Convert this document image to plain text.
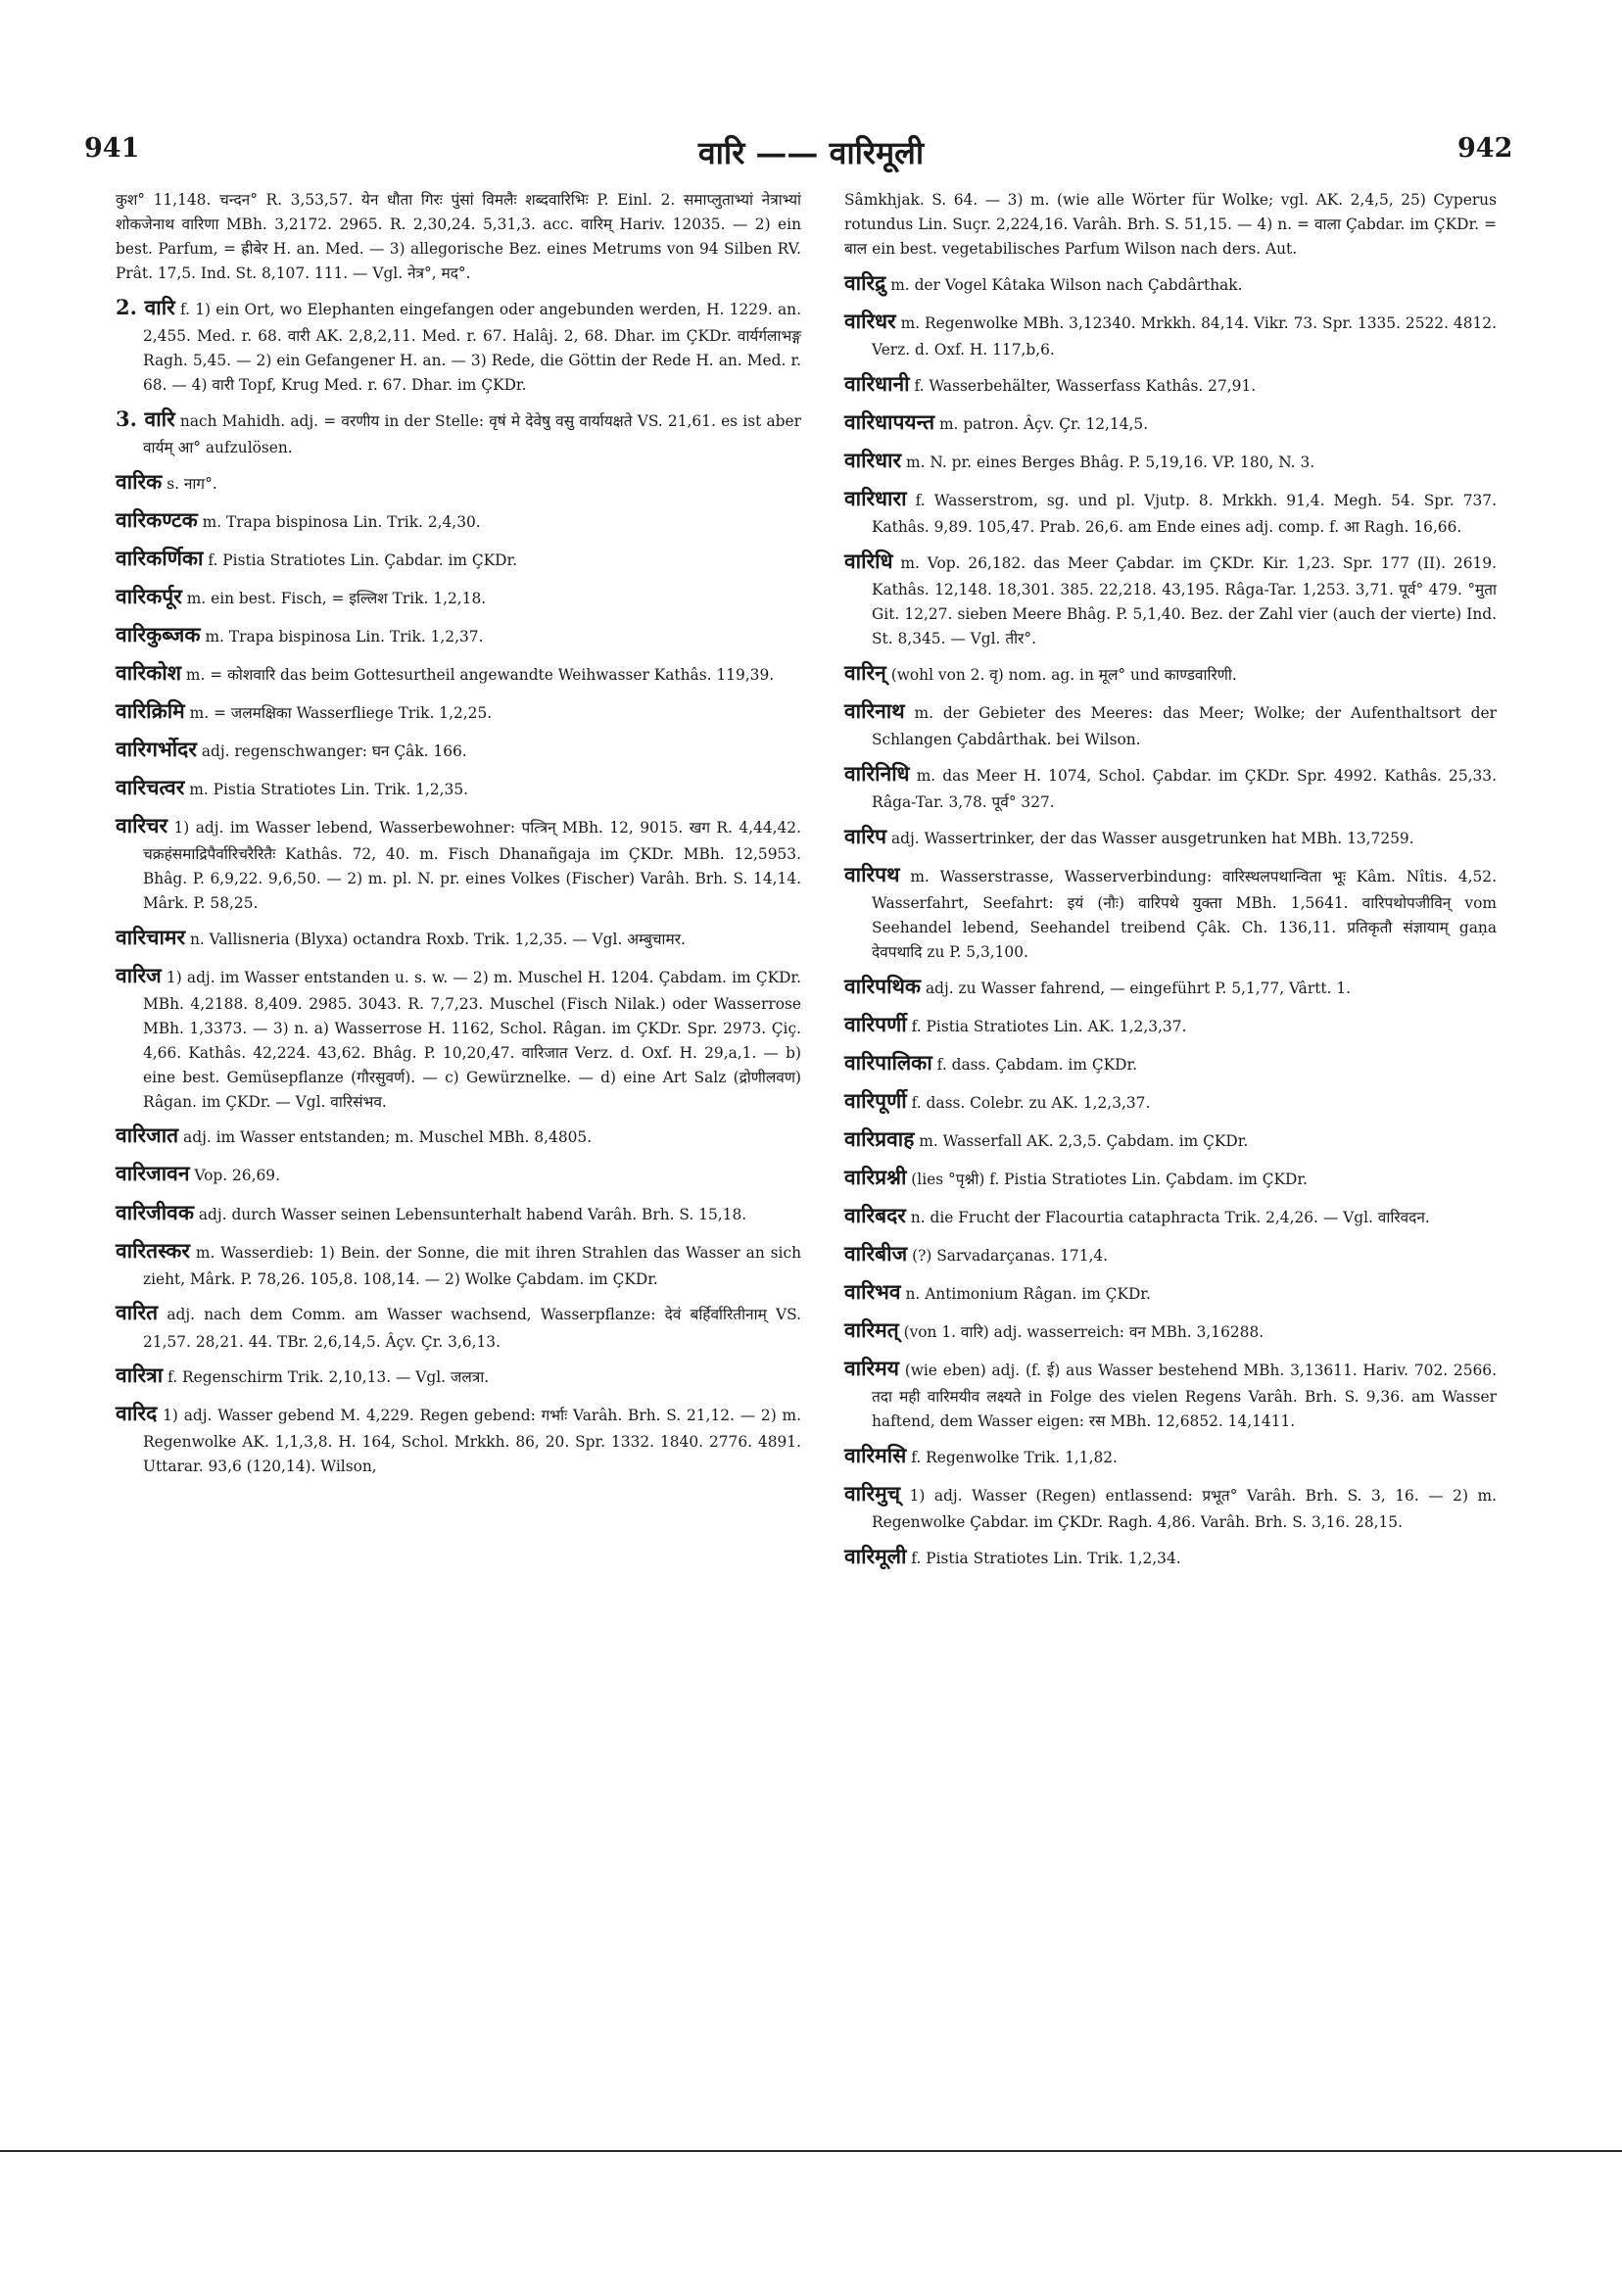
941	वारि —— वारिमूली	942

कुश° 11,148. चन्दन° R. 3,53,57. येन धौता गिरः पुंसां विमलैः शब्दवारिभिः P. Einl. 2. समाप्लुताभ्यां नेत्राभ्यां शोकजेनाथ वारिणा MBh. 3,2172. 2965. R. 2,30,24. 5,31,3. acc. वारिम् Hariv. 12035. — 2) ein best. Parfum, = ह्रीबेर H. an. Med. — 3) allegorische Bez. eines Metrums von 94 Silben RV. Prât. 17,5. Ind. St. 8,107. 111. — Vgl. नेत्र°, मद°.

2. वारि f. 1) ein Ort, wo Elephanten eingefangen oder angebunden werden, H. 1229. an. 2,455. Med. r. 68. वारी AK. 2,8,2,11. Med. r. 67. Halâj. 2, 68. Dhar. im ÇKDr. वार्यर्गलाभङ्ग Ragh. 5,45. — 2) ein Gefangener H. an. — 3) Rede, die Göttin der Rede H. an. Med. r. 68. — 4) वारी Topf, Krug Med. r. 67. Dhar. im ÇKDr.

3. वारि nach Mahidh. adj. = वरणीय in der Stelle: वृषं मे देवेषु वसु वार्यायक्षते VS. 21,61. es ist aber वार्यम् आ° aufzulösen.

वारिक s. नाग°.

वारिकण्टक m. Trapa bispinosa Lin. Trik. 2,4,30.

वारिकर्णिका f. Pistia Stratiotes Lin. Çabdar. im ÇKDr.

वारिकर्पूर m. ein best. Fisch, = इल्लिश Trik. 1,2,18.

वारिकुब्जक m. Trapa bispinosa Lin. Trik. 1,2,37.

वारिकोश m. = कोशवारि das beim Gottesurtheil angewandte Weihwasser Kathâs. 119,39.

वारिक्रिमि m. = जलमक्षिका Wasserfliege Trik. 1,2,25.

वारिगर्भोदर adj. regenschwanger: घन Çâk. 166.

वारिचत्वर m. Pistia Stratiotes Lin. Trik. 1,2,35.

वारिचर 1) adj. im Wasser lebend, Wasserbewohner: पत्त्रिन् MBh. 12, 9015. खग R. 4,44,42. चक्रहंसमाद्रिपैर्वारिचरैरितैः Kathâs. 72, 40. m. Fisch Dhanañgaja im ÇKDr. MBh. 12,5953. Bhâg. P. 6,9,22. 9,6,50. — 2) m. pl. N. pr. eines Volkes (Fischer) Varâh. Brh. S. 14,14. Mârk. P. 58,25.

वारिचामर n. Vallisneria (Blyxa) octandra Roxb. Trik. 1,2,35. — Vgl. अम्बुचामर.

वारिज 1) adj. im Wasser entstanden u. s. w. — 2) m. Muschel H. 1204. Çabdam. im ÇKDr. MBh. 4,2188. 8,409. 2985. 3043. R. 7,7,23. Muschel (Fisch Nilak.) oder Wasserrose MBh. 1,3373. — 3) n. a) Wasserrose H. 1162, Schol. Râgan. im ÇKDr. Spr. 2973. Çiç. 4,66. Kathâs. 42,224. 43,62. Bhâg. P. 10,20,47. वारिजात Verz. d. Oxf. H. 29,a,1. — b) eine best. Gemüsepflanze (गौरसुवर्ण). — c) Gewürznelke. — d) eine Art Salz (द्रोणीलवण) Râgan. im ÇKDr. — Vgl. वारिसंभव.

वारिजात adj. im Wasser entstanden; m. Muschel MBh. 8,4805.

वारिजावन Vop. 26,69.

वारिजीवक adj. durch Wasser seinen Lebensunterhalt habend Varâh. Brh. S. 15,18.

वारितस्कर m. Wasserdieb: 1) Bein. der Sonne, die mit ihren Strahlen das Wasser an sich zieht, Mârk. P. 78,26. 105,8. 108,14. — 2) Wolke Çabdam. im ÇKDr.

वारित adj. nach dem Comm. am Wasser wachsend, Wasserpflanze: देवं बर्हिर्वारितीनाम् VS. 21,57. 28,21. 44. TBr. 2,6,14,5. Âçv. Çr. 3,6,13.

वारित्रा f. Regenschirm Trik. 2,10,13. — Vgl. जलत्रा.

वारिद 1) adj. Wasser gebend M. 4,229. Regen gebend: गर्भाः Varâh. Brh. S. 21,12. — 2) m. Regenwolke AK. 1,1,3,8. H. 164, Schol. Mrkkh. 86, 20. Spr. 1332. 1840. 2776. 4891. Uttarar. 93,6 (120,14). Wilson,

Sâmkhjak. S. 64. — 3) m. (wie alle Wörter für Wolke; vgl. AK. 2,4,5, 25) Cyperus rotundus Lin. Suçr. 2,224,16. Varâh. Brh. S. 51,15. — 4) n. = वाला Çabdar. im ÇKDr. = बाल ein best. vegetabilisches Parfum Wilson nach ders. Aut.

वारिद्रु m. der Vogel Kâtaka Wilson nach Çabdârthak.

वारिधर m. Regenwolke MBh. 3,12340. Mrkkh. 84,14. Vikr. 73. Spr. 1335. 2522. 4812. Verz. d. Oxf. H. 117,b,6.

वारिधानी f. Wasserbehälter, Wasserfass Kathâs. 27,91.

वारिधापयन्त m. patron. Âçv. Çr. 12,14,5.

वारिधार m. N. pr. eines Berges Bhâg. P. 5,19,16. VP. 180, N. 3.

वारिधारा f. Wasserstrom, sg. und pl. Vjutp. 8. Mrkkh. 91,4. Megh. 54. Spr. 737. Kathâs. 9,89. 105,47. Prab. 26,6. am Ende eines adj. comp. f. आ Ragh. 16,66.

वारिधि m. Vop. 26,182. das Meer Çabdar. im ÇKDr. Kir. 1,23. Spr. 177 (II). 2619. Kathâs. 12,148. 18,301. 385. 22,218. 43,195. Râga-Tar. 1,253. 3,71. पूर्व° 479. °मुता Git. 12,27. sieben Meere Bhâg. P. 5,1,40. Bez. der Zahl vier (auch der vierte) Ind. St. 8,345. — Vgl. तीर°.

वारिन् (wohl von 2. वृ) nom. ag. in मूल° und काण्डवारिणी.

वारिनाथ m. der Gebieter des Meeres: das Meer; Wolke; der Aufenthaltsort der Schlangen Çabdârthak. bei Wilson.

वारिनिधि m. das Meer H. 1074, Schol. Çabdar. im ÇKDr. Spr. 4992. Kathâs. 25,33. Râga-Tar. 3,78. पूर्व° 327.

वारिप adj. Wassertrinker, der das Wasser ausgetrunken hat MBh. 13,7259.

वारिपथ m. Wasserstrasse, Wasserverbindung: वारिस्थलपथान्विता भूः Kâm. Nîtis. 4,52. Wasserfahrt, Seefahrt: इयं (नौः) वारिपथे युक्ता MBh. 1,5641. वारिपथोपजीविन् vom Seehandel lebend, Seehandel treibend Çâk. Ch. 136,11. प्रतिकृतौ संज्ञायाम् gaṇa देवपथादि zu P. 5,3,100.

वारिपथिक adj. zu Wasser fahrend, — eingeführt P. 5,1,77, Vârtt. 1.

वारिपर्णी f. Pistia Stratiotes Lin. AK. 1,2,3,37.

वारिपालिका f. dass. Çabdam. im ÇKDr.

वारिपूर्णी f. dass. Colebr. zu AK. 1,2,3,37.

वारिप्रवाह m. Wasserfall AK. 2,3,5. Çabdam. im ÇKDr.

वारिप्रश्नी (lies °पृश्नी) f. Pistia Stratiotes Lin. Çabdam. im ÇKDr.

वारिबदर n. die Frucht der Flacourtia cataphracta Trik. 2,4,26. — Vgl. वारिवदन.

वारिबीज (?) Sarvadarçanas. 171,4.

वारिभव n. Antimonium Râgan. im ÇKDr.

वारिमत् (von 1. वारि) adj. wasserreich: वन MBh. 3,16288.

वारिमय (wie eben) adj. (f. ई) aus Wasser bestehend MBh. 3,13611. Hariv. 702. 2566. तदा मही वारिमयीव लक्ष्यते in Folge des vielen Regens Varâh. Brh. S. 9,36. am Wasser haftend, dem Wasser eigen: रस MBh. 12,6852. 14,1411.

वारिमसि f. Regenwolke Trik. 1,1,82.

वारिमुच् 1) adj. Wasser (Regen) entlassend: प्रभूत° Varâh. Brh. S. 3, 16. — 2) m. Regenwolke Çabdar. im ÇKDr. Ragh. 4,86. Varâh. Brh. S. 3,16. 28,15.

वारिमूली f. Pistia Stratiotes Lin. Trik. 1,2,34.
